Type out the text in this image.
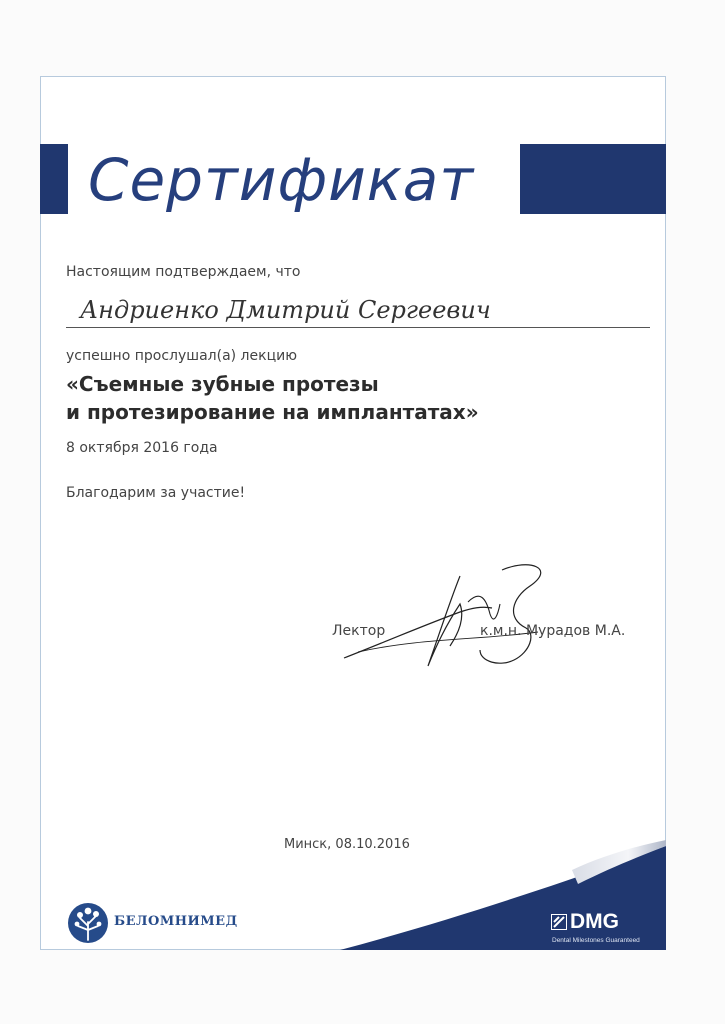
Сертификат
Настоящим подтверждаем, что
Андриенко Дмитрий Сергеевич
успешно прослушал(а) лекцию
«Съемные зубные протезы
и протезирование на имплантатах»
8 октября 2016 года
Благодарим за участие!
Лектор	к.м.н. Мурадов М.А.
Минск, 08.10.2016
БЕЛОМНИМЕД	DMG
Dental Milestones Guaranteed
